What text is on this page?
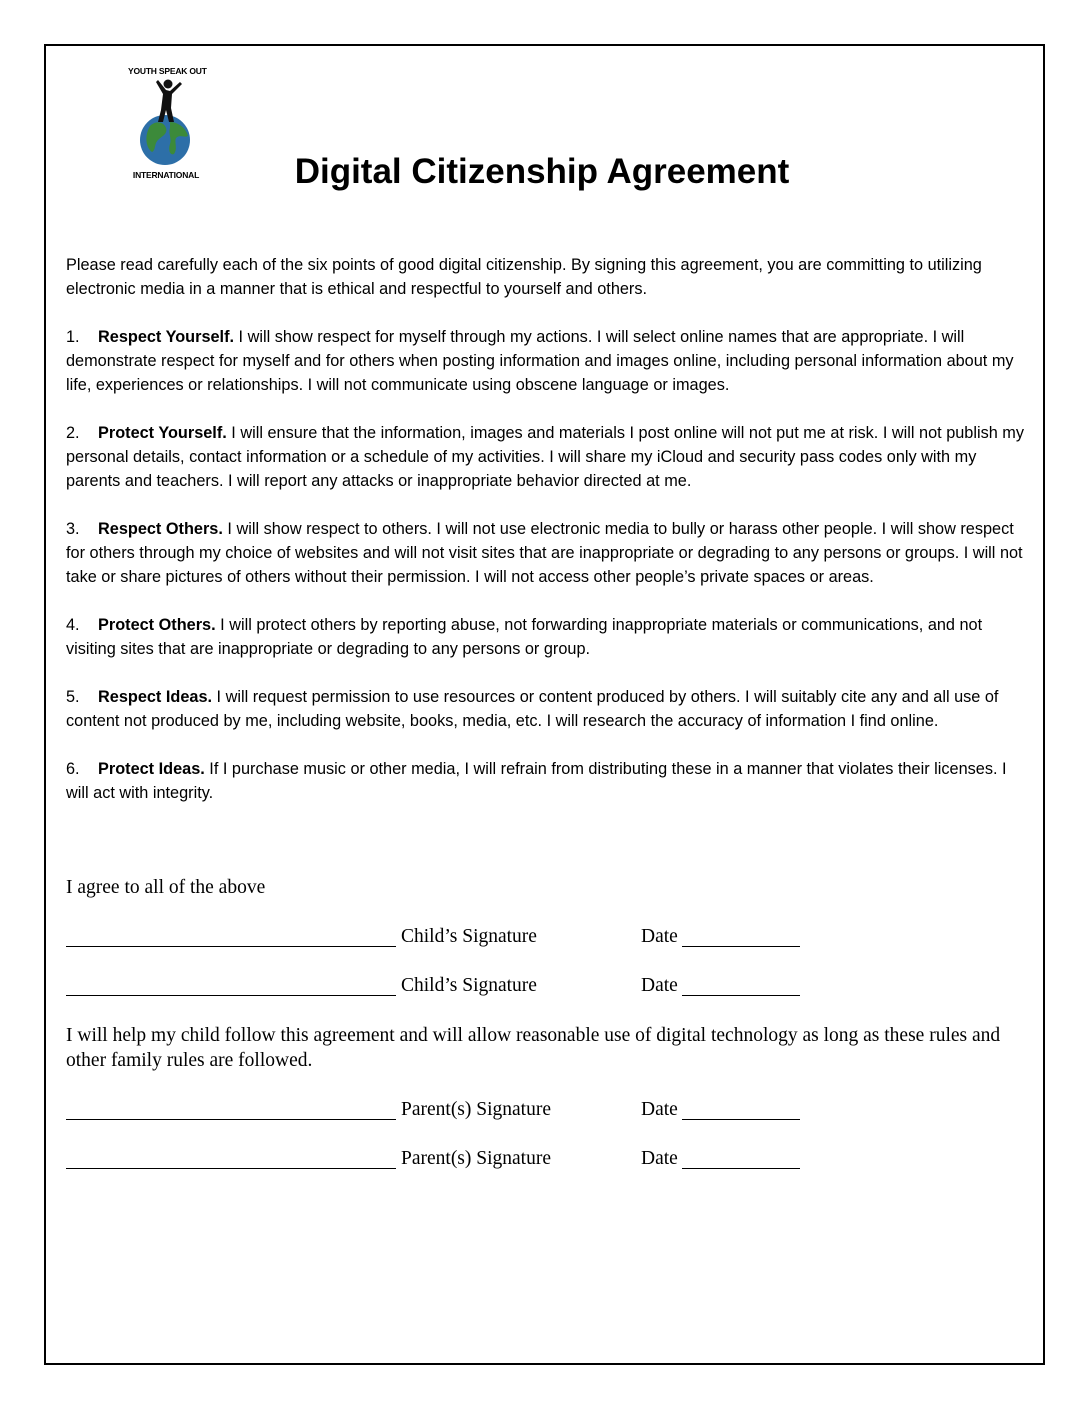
YOUTH SPEAK OUT
INTERNATIONAL	Digital Citizenship Agreement

Please read carefully each of the six points of good digital citizenship. By signing this agreement, you are committing to utilizing electronic media in a manner that is ethical and respectful to yourself and others.

1. Respect Yourself. I will show respect for myself through my actions. I will select online names that are appropriate. I will demonstrate respect for myself and for others when posting information and images online, including personal information about my life, experiences or relationships. I will not communicate using obscene language or images.
2. Protect Yourself. I will ensure that the information, images and materials I post online will not put me at risk. I will not publish my personal details, contact information or a schedule of my activities. I will share my iCloud and security pass codes only with my parents and teachers. I will report any attacks or inappropriate behavior directed at me.
3. Respect Others. I will show respect to others. I will not use electronic media to bully or harass other people. I will show respect for others through my choice of websites and will not visit sites that are inappropriate or degrading to any persons or groups. I will not take or share pictures of others without their permission. I will not access other people’s private spaces or areas.
4. Protect Others. I will protect others by reporting abuse, not forwarding inappropriate materials or communications, and not visiting sites that are inappropriate or degrading to any persons or group.
5. Respect Ideas. I will request permission to use resources or content produced by others. I will suitably cite any and all use of content not produced by me, including website, books, media, etc. I will research the accuracy of information I find online.
6. Protect Ideas. If I purchase music or other media, I will refrain from distributing these in a manner that violates their licenses. I will act with integrity.

I agree to all of the above

Child’s Signature	Date
Child’s Signature	Date

I will help my child follow this agreement and will allow reasonable use of digital technology as long as these rules and other family rules are followed.

Parent(s) Signature	Date
Parent(s) Signature	Date
